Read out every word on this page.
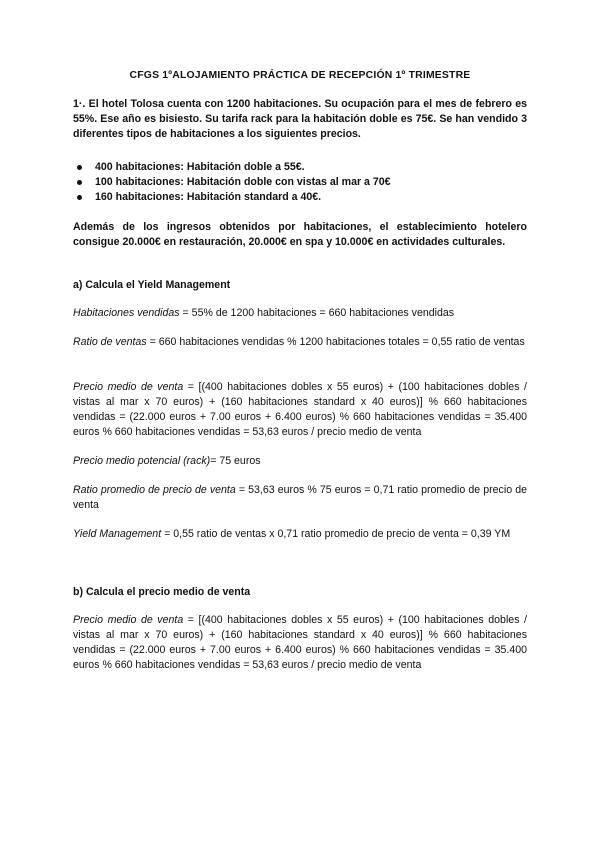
CFGS 1ºALOJAMIENTO PRÁCTICA DE RECEPCIÓN 1º TRIMESTRE

1·. El hotel Tolosa cuenta con 1200 habitaciones. Su ocupación para el mes de febrero es 55%. Ese año es bisiesto. Su tarifa rack para la habitación doble es 75€. Se han vendido 3 diferentes tipos de habitaciones a los siguientes precios.

400 habitaciones: Habitación doble a 55€.
100 habitaciones: Habitación doble con vistas al mar a 70€
160 habitaciones: Habitación standard a 40€.

Además de los ingresos obtenidos por habitaciones, el establecimiento hotelero consigue 20.000€ en restauración, 20.000€ en spa y 10.000€ en actividades culturales.

a) Calcula el Yield Management

Habitaciones vendidas = 55% de 1200 habitaciones = 660 habitaciones vendidas

Ratio de ventas = 660 habitaciones vendidas % 1200 habitaciones totales = 0,55 ratio de ventas

Precio medio de venta = [(400 habitaciones dobles x 55 euros) + (100 habitaciones dobles / vistas al mar x 70 euros) + (160 habitaciones standard x 40 euros)] % 660 habitaciones vendidas = (22.000 euros + 7.00 euros + 6.400 euros) % 660 habitaciones vendidas = 35.400 euros % 660 habitaciones vendidas = 53,63 euros / precio medio de venta

Precio medio potencial (rack)= 75 euros

Ratio promedio de precio de venta = 53,63 euros % 75 euros = 0,71 ratio promedio de precio de venta

Yield Management = 0,55 ratio de ventas x 0,71 ratio promedio de precio de venta = 0,39 YM

b) Calcula el precio medio de venta

Precio medio de venta = [(400 habitaciones dobles x 55 euros) + (100 habitaciones dobles / vistas al mar x 70 euros) + (160 habitaciones standard x 40 euros)] % 660 habitaciones vendidas = (22.000 euros + 7.00 euros + 6.400 euros) % 660 habitaciones vendidas = 35.400 euros % 660 habitaciones vendidas = 53,63 euros / precio medio de venta
